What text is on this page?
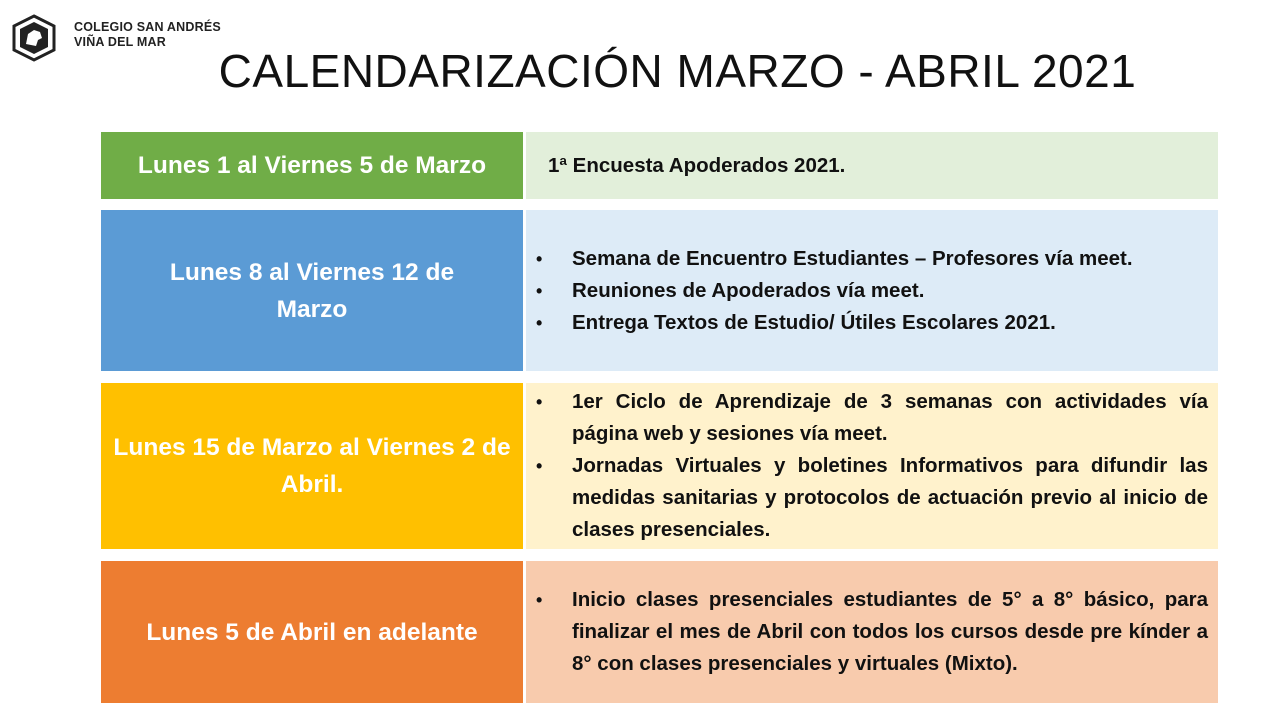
COLEGIO SAN ANDRÉS
VIÑA DEL MAR
CALENDARIZACIÓN MARZO - ABRIL 2021
Lunes 1 al Viernes 5 de Marzo	1ª Encuesta Apoderados 2021.
Lunes 8 al Viernes 12 de Marzo
• Semana de Encuentro Estudiantes – Profesores vía meet.
• Reuniones de Apoderados vía meet.
• Entrega Textos de Estudio/ Útiles Escolares 2021.
Lunes 15 de Marzo al Viernes 2 de Abril.
• 1er Ciclo de Aprendizaje de 3 semanas con actividades vía página web y sesiones vía meet.
• Jornadas Virtuales y boletines Informativos para difundir las medidas sanitarias y protocolos de actuación previo al inicio de clases presenciales.
Lunes 5 de Abril en adelante
• Inicio clases presenciales estudiantes de 5° a 8° básico, para finalizar el mes de Abril con todos los cursos desde pre kínder a 8° con clases presenciales y virtuales (Mixto).
